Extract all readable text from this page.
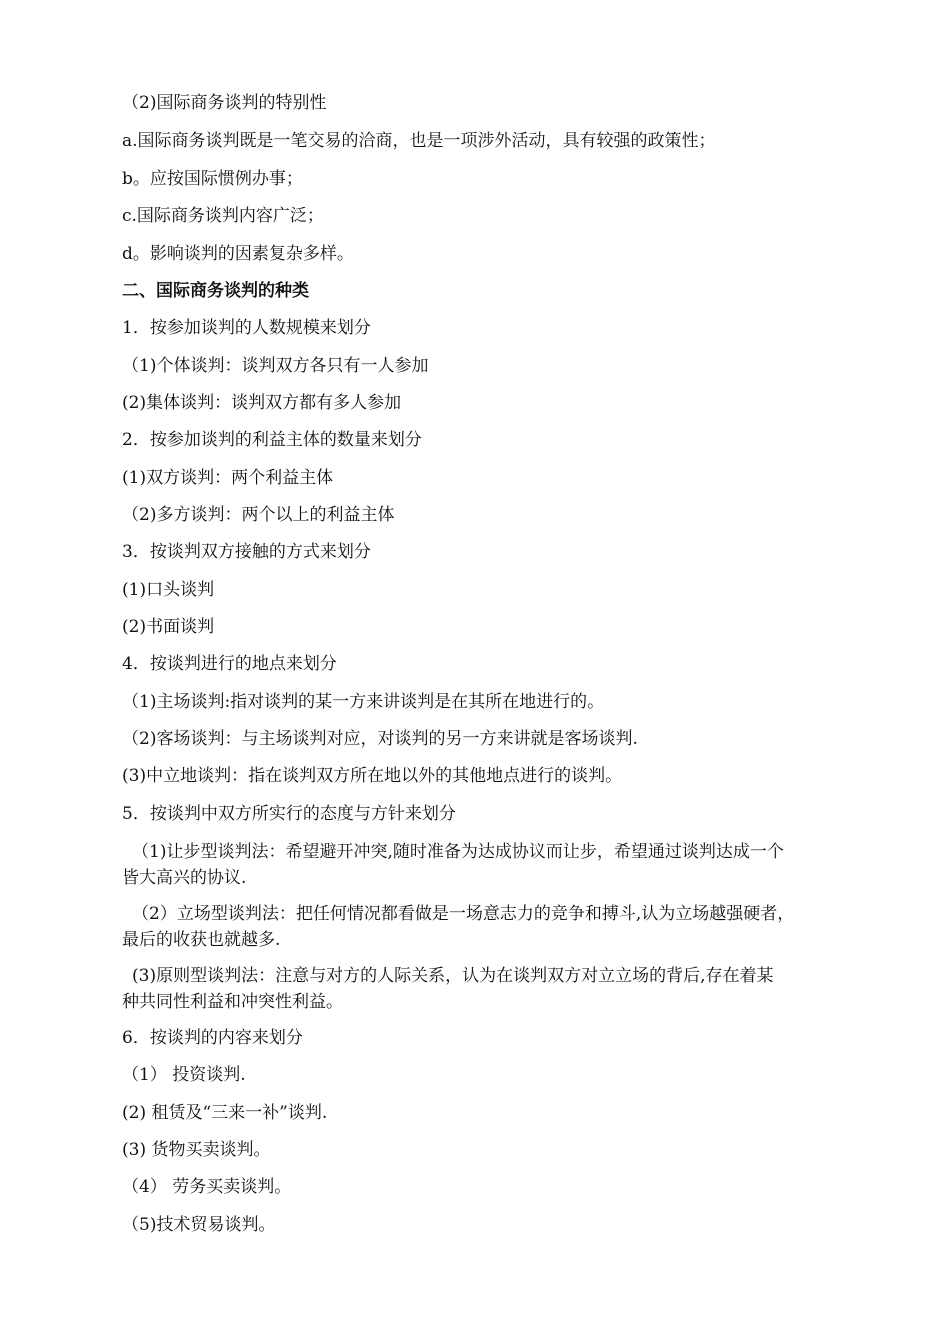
（2)国际商务谈判的特别性
a.国际商务谈判既是一笔交易的洽商，也是一项涉外活动，具有较强的政策性；
b。应按国际惯例办事；
c.国际商务谈判内容广泛；
d。影响谈判的因素复杂多样。
二、国际商务谈判的种类
1．按参加谈判的人数规模来划分
（1)个体谈判：谈判双方各只有一人参加
(2)集体谈判：谈判双方都有多人参加
2．按参加谈判的利益主体的数量来划分
(1)双方谈判：两个利益主体
（2)多方谈判：两个以上的利益主体
3．按谈判双方接触的方式来划分
(1)口头谈判
(2)书面谈判
4．按谈判进行的地点来划分
（1)主场谈判:指对谈判的某一方来讲谈判是在其所在地进行的。
（2)客场谈判：与主场谈判对应，对谈判的另一方来讲就是客场谈判.
(3)中立地谈判：指在谈判双方所在地以外的其他地点进行的谈判。
5．按谈判中双方所实行的态度与方针来划分
（1)让步型谈判法：希望避开冲突,随时准备为达成协议而让步，希望通过谈判达成一个
皆大高兴的协议.
（2）立场型谈判法：把任何情况都看做是一场意志力的竞争和搏斗,认为立场越强硬者，
最后的收获也就越多.
(3)原则型谈判法：注意与对方的人际关系，认为在谈判双方对立立场的背后,存在着某
种共同性利益和冲突性利益。
6．按谈判的内容来划分
（1） 投资谈判.
(2) 租赁及“三来一补”谈判.
(3) 货物买卖谈判。
（4） 劳务买卖谈判。
（5)技术贸易谈判。
